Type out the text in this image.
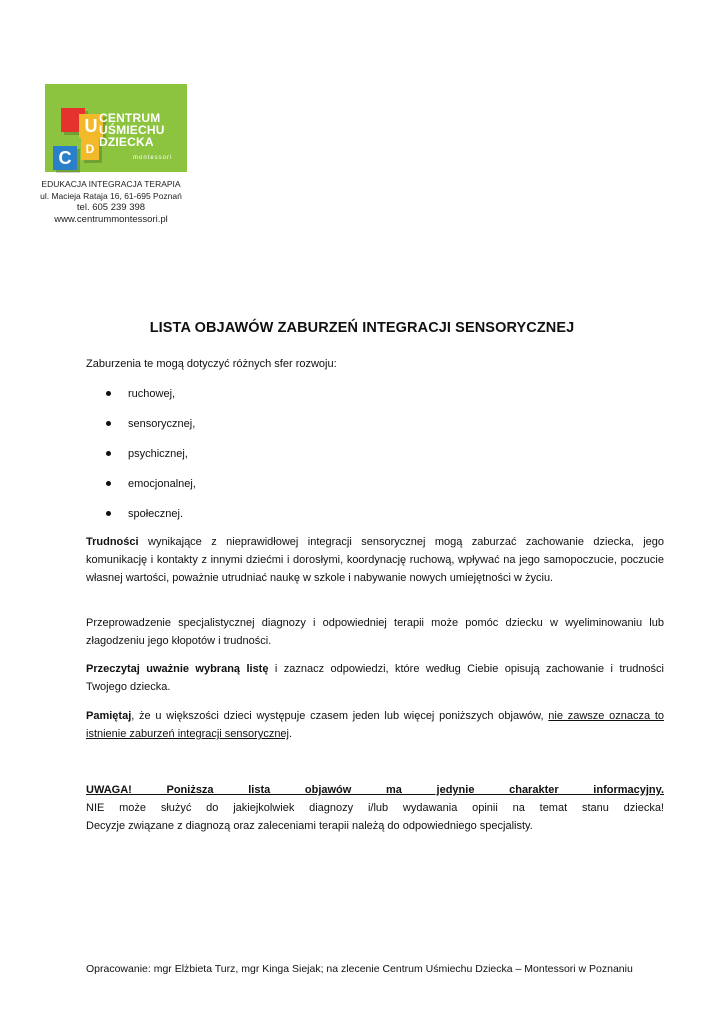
U
C	D
CENTRUM
UŚMIECHU
DZIECKA
montessori
EDUKACJA INTEGRACJA TERAPIA
ul. Macieja Rataja 16, 61-695 Poznań
tel. 605 239 398
www.centrummontessori.pl
LISTA OBJAWÓW ZABURZEŃ INTEGRACJI SENSORYCZNEJ
Zaburzenia te mogą dotyczyć różnych sfer rozwoju:
ruchowej,
sensorycznej,
psychicznej,
emocjonalnej,
społecznej.
Trudności wynikające z nieprawidłowej integracji sensorycznej mogą zaburzać zachowanie dziecka, jego komunikację i kontakty z innymi dziećmi i dorosłymi, koordynację ruchową, wpływać na jego samopoczucie, poczucie własnej wartości, poważnie utrudniać naukę w szkole i nabywanie nowych umiejętności w życiu.
Przeprowadzenie specjalistycznej diagnozy i odpowiedniej terapii może pomóc dziecku w wyeliminowaniu lub złagodzeniu jego kłopotów i trudności.
Przeczytaj uważnie wybraną listę i zaznacz odpowiedzi, które według Ciebie opisują zachowanie i trudności Twojego dziecka.
Pamiętaj, że u większości dzieci występuje czasem jeden lub więcej poniższych objawów, nie zawsze oznacza to istnienie zaburzeń integracji sensorycznej.
UWAGA! Poniższa lista objawów ma jedynie charakter informacyjny.
NIE może służyć do jakiejkolwiek diagnozy i/lub wydawania opinii na temat stanu dziecka!
Decyzje związane z diagnozą oraz zaleceniami terapii należą do odpowiedniego specjalisty.
Opracowanie: mgr Elżbieta Turz, mgr Kinga Siejak; na zlecenie Centrum Uśmiechu Dziecka – Montessori w Poznaniu
